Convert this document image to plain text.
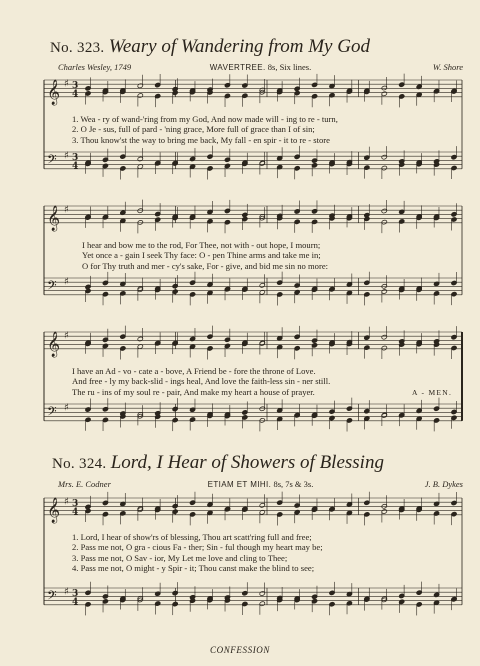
No. 323. Weary of Wandering from My God
Charles Wesley, 1749	WAVERTREE. 8s, Six lines.	W. Shore
𝄞 ♯ 3
4
𝄢 ♯ 3
4
1. Wea - ry of wand-'ring from my God, And now made will - ing to re - turn,
2. O Je - sus, full of pard - 'ning grace, More full of grace than I of sin;
3. Thou know'st the way to bring me back, My fall - en spir - it to re - store
𝄞 ♯
𝄢 ♯
I hear and bow me to the rod, For Thee, not with - out hope, I mourn;
Yet once a - gain I seek Thy face: O - pen Thine arms and take me in;
O for Thy truth and mer - cy's sake, For - give, and bid me sin no more:
𝄞 ♯
𝄢 ♯
I have an Ad - vo - cate a - bove, A Friend be - fore the throne of Love.
And free - ly my back-slid - ings heal, And love the faith-less sin - ner still.
The ru - ins of my soul re - pair, And make my heart a house of prayer.	A - MEN.
No. 324. Lord, I Hear of Showers of Blessing
Mrs. E. Codner	ETIAM ET MIHI. 8s, 7s & 3s.	J. B. Dykes
𝄞 ♯ 3
4
𝄢 ♯ 3
4
1. Lord, I hear of show'rs of blessing, Thou art scatt'ring full and free;
2. Pass me not, O gra - cious Fa - ther; Sin - ful though my heart may be;
3. Pass me not, O Sav - ior, My Let me love and cling to Thee;
4. Pass me not, O might - y Spir - it; Thou canst make the blind to see;
CONFESSION
